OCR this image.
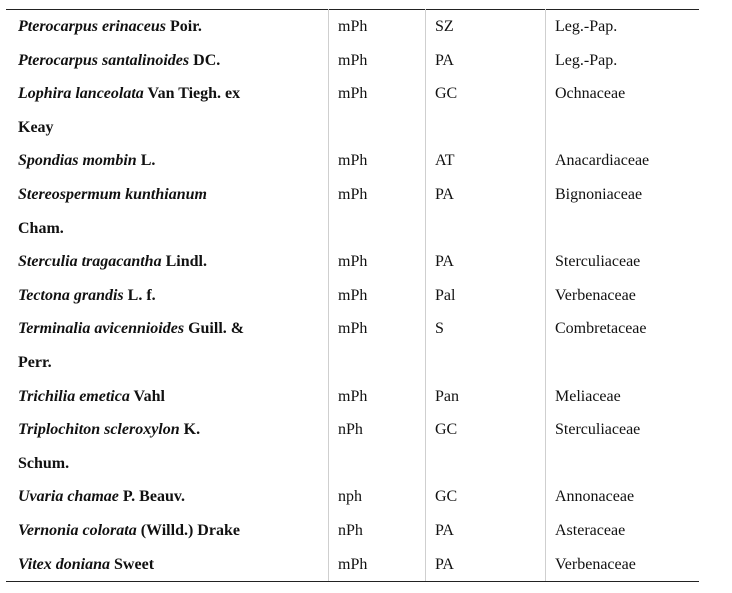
Pterocarpus erinaceus Poir.	mPh	SZ	Leg.-Pap.
Pterocarpus santalinoides DC.	mPh	PA	Leg.-Pap.
Lophira lanceolata Van Tiegh. ex
Keay	mPh	GC	Ochnaceae
Spondias mombin L.	mPh	AT	Anacardiaceae
Stereospermum kunthianum
Cham.	mPh	PA	Bignoniaceae
Sterculia tragacantha Lindl.	mPh	PA	Sterculiaceae
Tectona grandis L. f.	mPh	Pal	Verbenaceae
Terminalia avicennioides Guill. &
Perr.	mPh	S	Combretaceae
Trichilia emetica Vahl	mPh	Pan	Meliaceae
Triplochiton scleroxylon K.
Schum.	nPh	GC	Sterculiaceae
Uvaria chamae P. Beauv.	nph	GC	Annonaceae
Vernonia colorata (Willd.) Drake	nPh	PA	Asteraceae
Vitex doniana Sweet	mPh	PA	Verbenaceae
